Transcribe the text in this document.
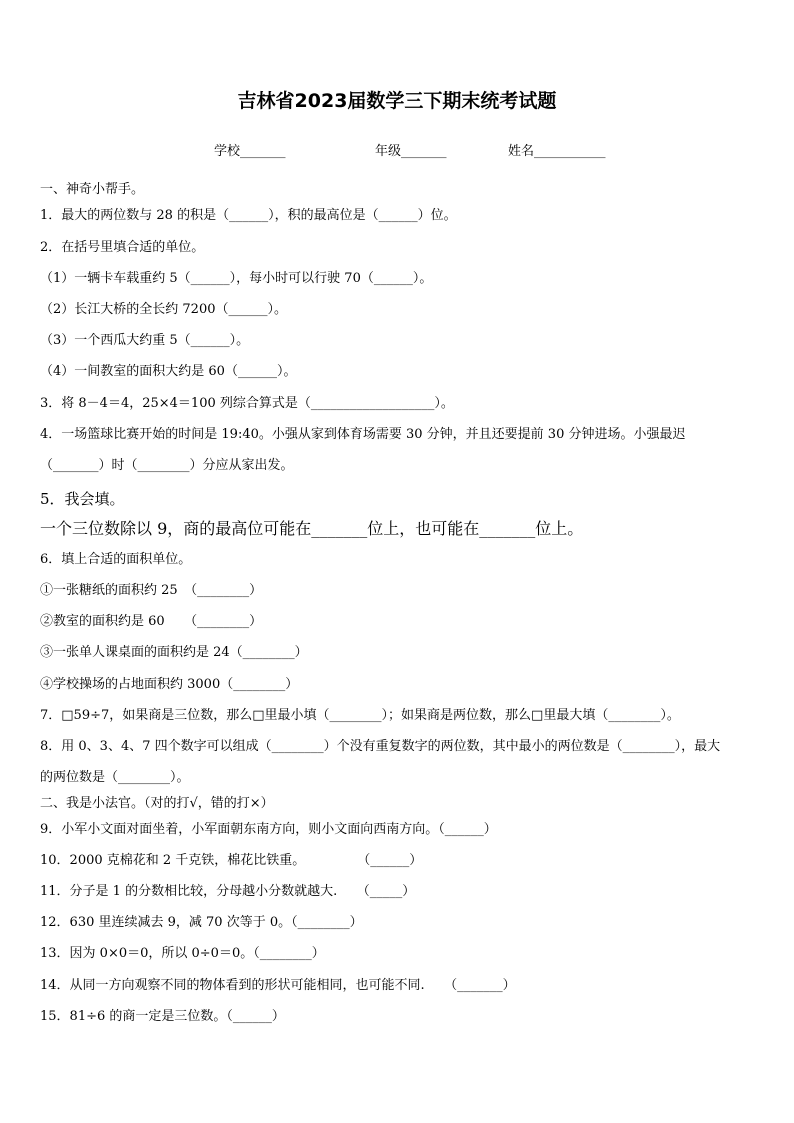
吉林省2023届数学三下期末统考试题
学校_______	年级_______	姓名___________
一、神奇小帮手。
1．最大的两位数与 28 的积是（______），积的最高位是（______）位。
2．在括号里填合适的单位。
（1）一辆卡车载重约 5（______），每小时可以行驶 70（______）。
（2）长江大桥的全长约 7200（______）。
（3）一个西瓜大约重 5（______）。
（4）一间教室的面积大约是 60（______）。
3．将 8－4＝4，25×4＝100 列综合算式是（___________________）。
4．一场篮球比赛开始的时间是 19:40。小强从家到体育场需要 30 分钟，并且还要提前 30 分钟进场。小强最迟
（_______）时（________）分应从家出发。
5．我会填。
一个三位数除以 9，商的最高位可能在_______位上，也可能在_______位上。
6．填上合适的面积单位。
①一张糖纸的面积约 25　（________）
②教室的面积约是 60　　（________）
③一张单人课桌面的面积约是 24（________）
④学校操场的占地面积约 3000（________）
7．□59÷7，如果商是三位数，那么□里最小填（________）；如果商是两位数，那么□里最大填（________）。
8．用 0、3、4、7 四个数字可以组成（________）个没有重复数字的两位数，其中最小的两位数是（________），最大
的两位数是（________）。
二、我是小法官。（对的打√，错的打×）
9．小军小文面对面坐着，小军面朝东南方向，则小文面向西南方向。（______）
10．2000 克棉花和 2 千克铁，棉花比铁重。　　　　　（______）
11．分子是 1 的分数相比较，分母越小分数就越大.　　（_____）
12．630 里连续减去 9，减 70 次等于 0。（________）
13．因为 0×0＝0，所以 0÷0＝0。（________）
14．从同一方向观察不同的物体看到的形状可能相同，也可能不同.　　（_______）
15．81÷6 的商一定是三位数。（______）
